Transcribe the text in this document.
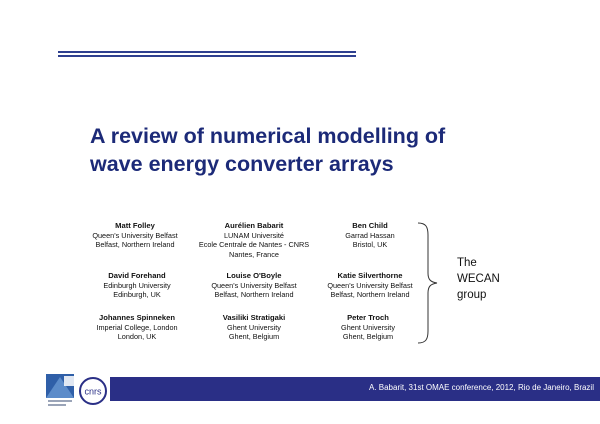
A review of numerical modelling of
wave energy converter arrays
Matt Folley
Queen's University Belfast
Belfast, Northern Ireland
Aurélien Babarit
LUNAM Université
Ecole Centrale de Nantes - CNRS
Nantes, France
Ben Child
Garrad Hassan
Bristol, UK
David Forehand
Edinburgh University
Edinburgh, UK
Louise O'Boyle
Queen's University Belfast
Belfast, Northern Ireland
Katie Silverthorne
Queen's University Belfast
Belfast, Northern Ireland
Johannes Spinneken
Imperial College, London
London, UK
Vasiliki Stratigaki
Ghent University
Ghent, Belgium
Peter Troch
Ghent University
Ghent, Belgium
The
WECAN
group
cnrs	A. Babarit, 31st OMAE conference, 2012, Rio de Janeiro, Brazil
